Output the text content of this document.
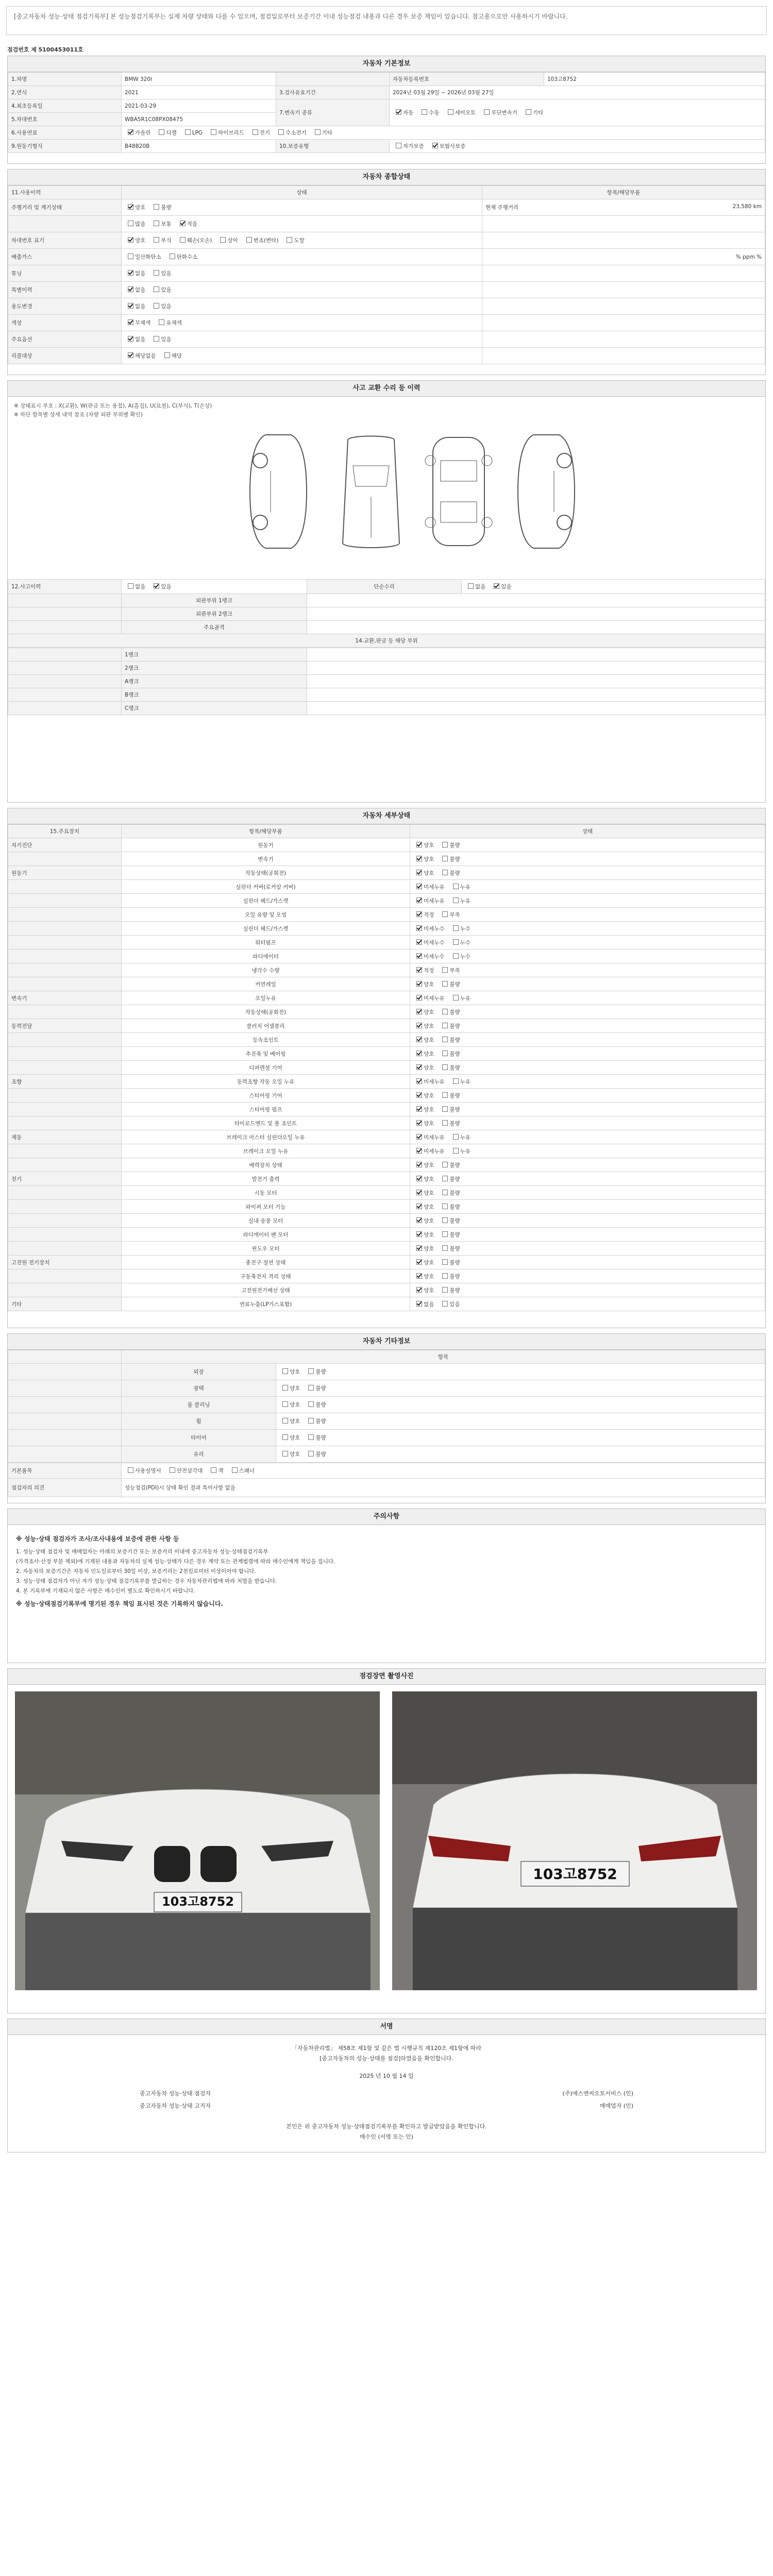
[중고자동차 성능·상태 점검기록부] 본 성능점검기록부는 실제 차량 상태와 다를 수 있으며, 점검일로부터 보증기간 이내 성능점검 내용과 다른 경우 보증 책임이 있습니다. 참고용으로만 사용하시기 바랍니다.
점검번호 제 5100453011호
자동차 기본정보
1.차명	BMW 320i		자동차등록번호	103고8752
2.연식	2021	3.검사유효기간	2024년 03월 29일 ~ 2026년 03월 27일	
4.최초등록일	2021-03-29	7.변속기 종류	자동 수동 세미오토 무단변속기 기타	
5.차대번호	WBA5R1C08PX08475			
6.사용연료	가솔린 디젤 LPG 하이브리드 전기 수소전기 기타			
9.원동기형식	B48B20B	10.보증유형	자가보증 보험사보증	
자동차 종합상태
11.사용이력	상태	항목/해당부품
주행거리 및 계기상태	양호 불량	현재 주행거리 23,580 km

	많음 보통 적음	

차대번호 표기	양호 부식 훼손(오손) 상이 변조(변타) 도말	

배출가스	일산화탄소 탄화수소	% ppm %

튜닝	없음 있음	

특별이력	없음 있음	

용도변경	없음 있음	

색상	무채색 유채색	

주요옵션	없음 있음	

리콜대상	해당없음 해당	
사고 교환 수리 등 이력
※ 상태표시 부호 : X(교환), W(판금 또는 용접), A(흠집), U(요철), C(부식), T(손상)
※ 하단 항목별 상세 내역 참조 (차량 외판 부위별 확인)
12.사고이력	없음 있음	단순수리	없음 있음
	외판부위 1랭크		
	외판부위 2랭크		
	주요골격		
14.교환,판금 등 해당 부위			
	1랭크	
	2랭크	
	A랭크	
	B랭크	
	C랭크	
자동차 세부상태
15.주요장치	항목/해당부품	상태
자기진단	원동기	양호 불량
	변속기	양호 불량
원동기	작동상태(공회전)	양호 불량
	실린더 커버(로커암 커버)	미세누유 누유
	실린더 헤드/가스켓	미세누유 누유
	오일 유량 및 오염	적정 부족
	실린더 헤드/가스켓	미세누수 누수
	워터펌프	미세누수 누수
	라디에이터	미세누수 누수
	냉각수 수량	적정 부족
	커먼레일	양호 불량
변속기	오일누유	미세누유 누유
	작동상태(공회전)	양호 불량
동력전달	클러치 어셈블리	양호 불량
	등속조인트	양호 불량
	추진축 및 베어링	양호 불량
	디퍼렌셜 기어	양호 불량
조향	동력조향 작동 오일 누유	미세누유 누유
	스티어링 기어	양호 불량
	스티어링 펌프	양호 불량
	타이로드엔드 및 볼 조인트	양호 불량
제동	브레이크 마스터 실린더오일 누유	미세누유 누유
	브레이크 오일 누유	미세누유 누유
	배력장치 상태	양호 불량
전기	발전기 출력	양호 불량
	시동 모터	양호 불량
	와이퍼 모터 기능	양호 불량
	실내 송풍 모터	양호 불량
	라디에이터 팬 모터	양호 불량
	윈도우 모터	양호 불량
고전원 전기장치	충전구 절연 상태	양호 불량
	구동축전지 격리 상태	양호 불량
	고전원전기배선 상태	양호 불량
기타	연료누출(LP가스포함)	없음 있음
자동차 기타정보
	항목	
	외장	양호 불량
	광택	양호 불량
	룸 클리닝	양호 불량
	휠	양호 불량
	타이어	양호 불량
	유리	양호 불량
기본품목	사용설명서 안전삼각대 잭 스패너
점검자의 의견	성능점검(PDI)시 상태 확인 결과 특이사항 없음
주의사항

※ 성능·상태 점검자가 조사/조사내용에 보증에 관한 사항 등

1. 성능·상태 점검자 및 매매업자는 아래의 보증기간 또는 보증거리 이내에 중고자동차 성능·상태점검기록부

(가격조사·산정 부분 제외)에 기재된 내용과 자동차의 실제 성능·상태가 다른 경우 계약 또는 관계법령에 따라 매수인에게 책임을 집니다.

2. 자동차의 보증기간은 자동차 인도일로부터 30일 이상, 보증거리는 2천킬로미터 이상이어야 합니다.

3. 성능·상태 점검자가 아닌 자가 성능·상태 점검기록부를 발급하는 경우 자동차관리법에 따라 처벌을 받습니다.

4. 본 기록부에 기재되지 않은 사항은 매수인이 별도로 확인하시기 바랍니다.

※ 성능·상태점검기록부에 명기된 경우 책임 표시된 것은 기록하지 않습니다.

점검장면 촬영사진
103고8752
103고8752
서명
「자동차관리법」 제58조 제1항 및 같은 법 시행규칙 제120조 제1항에 따라
[중고자동차의 성능·상태를 점검]하였음을 확인합니다.
2025 년 10 월 14 일
중고자동차 성능·상태 점검자	(주)에스엔씨오토서비스 (인)
중고자동차 성능·상태 고지자	매매업자 (인)
본인은 위 중고자동차 성능·상태점검기록부를 확인하고 발급받았음을 확인합니다.
매수인 (서명 또는 인)
